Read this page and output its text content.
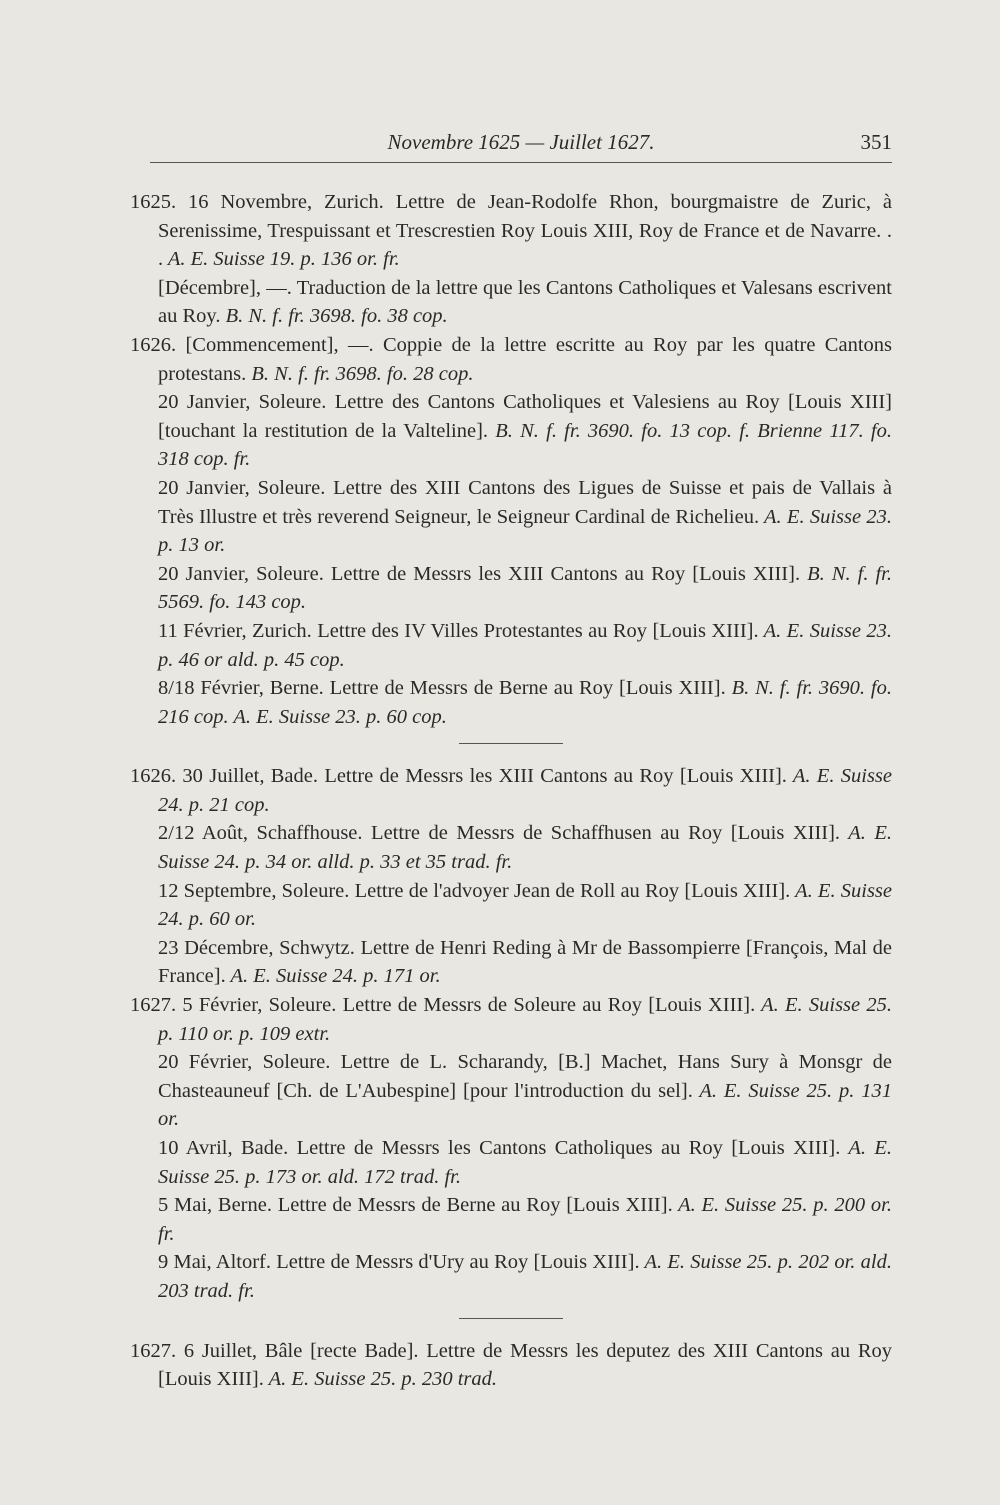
Novembre 1625 — Juillet 1627.	351

1625. 16 Novembre, Zurich. Lettre de Jean-Rodolfe Rhon, bourgmaistre de Zuric, à Serenissime, Trespuissant et Trescrestien Roy Louis XIII, Roy de France et de Navarre. . . A. E. Suisse 19. p. 136 or. fr.

[Décembre], —. Traduction de la lettre que les Cantons Catholiques et Valesans escrivent au Roy. B. N. f. fr. 3698. fo. 38 cop.

1626. [Commencement], —. Coppie de la lettre escritte au Roy par les quatre Cantons protestans. B. N. f. fr. 3698. fo. 28 cop.

20 Janvier, Soleure. Lettre des Cantons Catholiques et Valesiens au Roy [Louis XIII] [touchant la restitution de la Valteline]. B. N. f. fr. 3690. fo. 13 cop. f. Brienne 117. fo. 318 cop. fr.

20 Janvier, Soleure. Lettre des XIII Cantons des Ligues de Suisse et pais de Vallais à Très Illustre et très reverend Seigneur, le Seigneur Cardinal de Richelieu. A. E. Suisse 23. p. 13 or.

20 Janvier, Soleure. Lettre de Messrs les XIII Cantons au Roy [Louis XIII]. B. N. f. fr. 5569. fo. 143 cop.

11 Février, Zurich. Lettre des IV Villes Protestantes au Roy [Louis XIII]. A. E. Suisse 23. p. 46 or ald. p. 45 cop.

8/18 Février, Berne. Lettre de Messrs de Berne au Roy [Louis XIII]. B. N. f. fr. 3690. fo. 216 cop. A. E. Suisse 23. p. 60 cop.

1626. 30 Juillet, Bade. Lettre de Messrs les XIII Cantons au Roy [Louis XIII]. A. E. Suisse 24. p. 21 cop.

2/12 Août, Schaffhouse. Lettre de Messrs de Schaffhusen au Roy [Louis XIII]. A. E. Suisse 24. p. 34 or. alld. p. 33 et 35 trad. fr.

12 Septembre, Soleure. Lettre de l'advoyer Jean de Roll au Roy [Louis XIII]. A. E. Suisse 24. p. 60 or.

23 Décembre, Schwytz. Lettre de Henri Reding à Mr de Bassompierre [François, Mal de France]. A. E. Suisse 24. p. 171 or.

1627. 5 Février, Soleure. Lettre de Messrs de Soleure au Roy [Louis XIII]. A. E. Suisse 25. p. 110 or. p. 109 extr.

20 Février, Soleure. Lettre de L. Scharandy, [B.] Machet, Hans Sury à Monsgr de Chasteauneuf [Ch. de L'Aubespine] [pour l'introduction du sel]. A. E. Suisse 25. p. 131 or.

10 Avril, Bade. Lettre de Messrs les Cantons Catholiques au Roy [Louis XIII]. A. E. Suisse 25. p. 173 or. ald. 172 trad. fr.

5 Mai, Berne. Lettre de Messrs de Berne au Roy [Louis XIII]. A. E. Suisse 25. p. 200 or. fr.

9 Mai, Altorf. Lettre de Messrs d'Ury au Roy [Louis XIII]. A. E. Suisse 25. p. 202 or. ald. 203 trad. fr.

1627. 6 Juillet, Bâle [recte Bade]. Lettre de Messrs les deputez des XIII Cantons au Roy [Louis XIII]. A. E. Suisse 25. p. 230 trad.
